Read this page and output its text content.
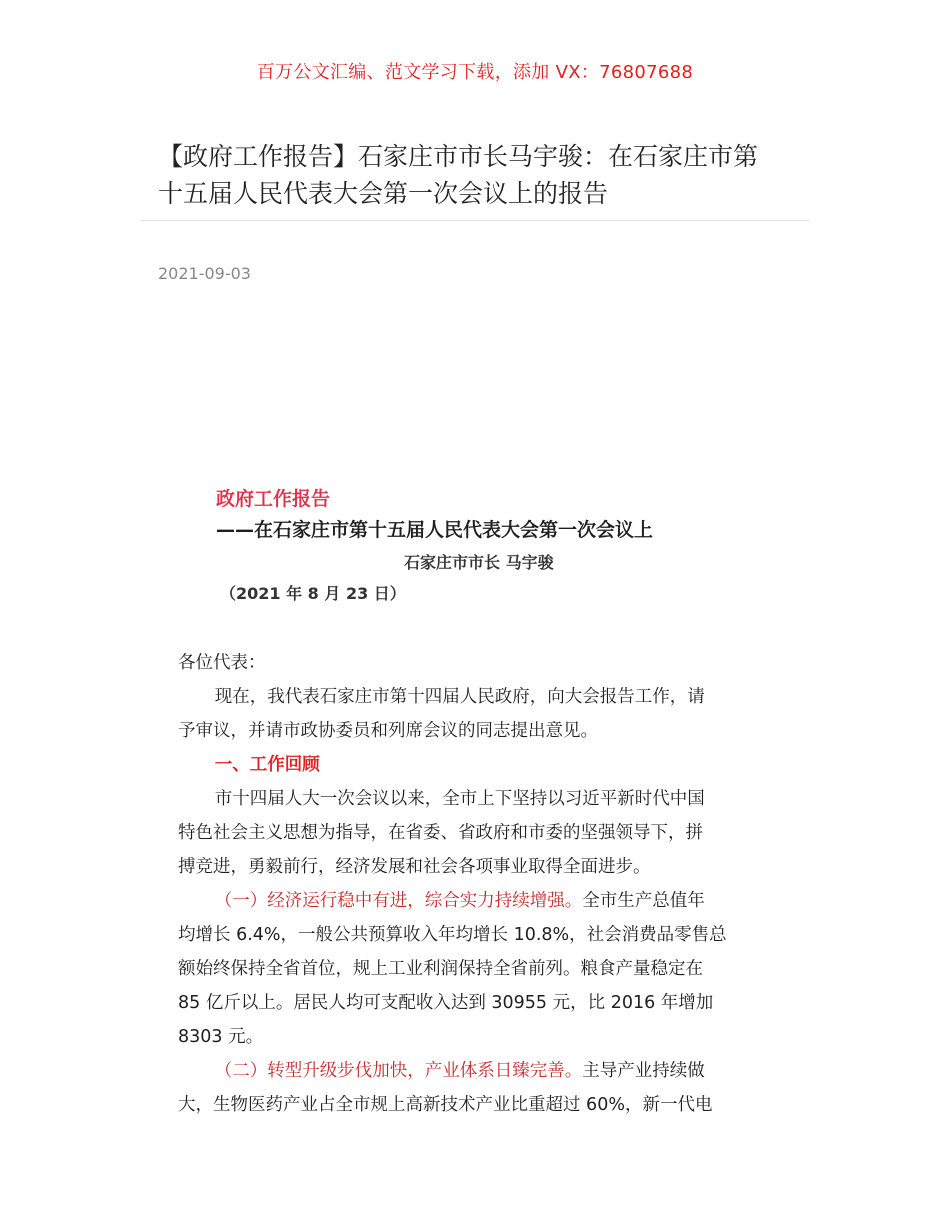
百万公文汇编、范文学习下载，添加 VX：76807688
【政府工作报告】石家庄市市长马宇骏：在石家庄市第
十五届人民代表大会第一次会议上的报告
2021-09-03
政府工作报告
——在石家庄市第十五届人民代表大会第一次会议上
石家庄市市长 马宇骏
（2021 年 8 月 23 日）

各位代表：

现在，我代表石家庄市第十四届人民政府，向大会报告工作，请
予审议，并请市政协委员和列席会议的同志提出意见。

一、工作回顾

市十四届人大一次会议以来，全市上下坚持以习近平新时代中国
特色社会主义思想为指导，在省委、省政府和市委的坚强领导下，拼
搏竞进，勇毅前行，经济发展和社会各项事业取得全面进步。

（一）经济运行稳中有进，综合实力持续增强。全市生产总值年
均增长 6.4%，一般公共预算收入年均增长 10.8%，社会消费品零售总
额始终保持全省首位，规上工业利润保持全省前列。粮食产量稳定在
85 亿斤以上。居民人均可支配收入达到 30955 元，比 2016 年增加
8303 元。

（二）转型升级步伐加快，产业体系日臻完善。主导产业持续做
大，生物医药产业占全市规上高新技术产业比重超过 60%，新一代电
